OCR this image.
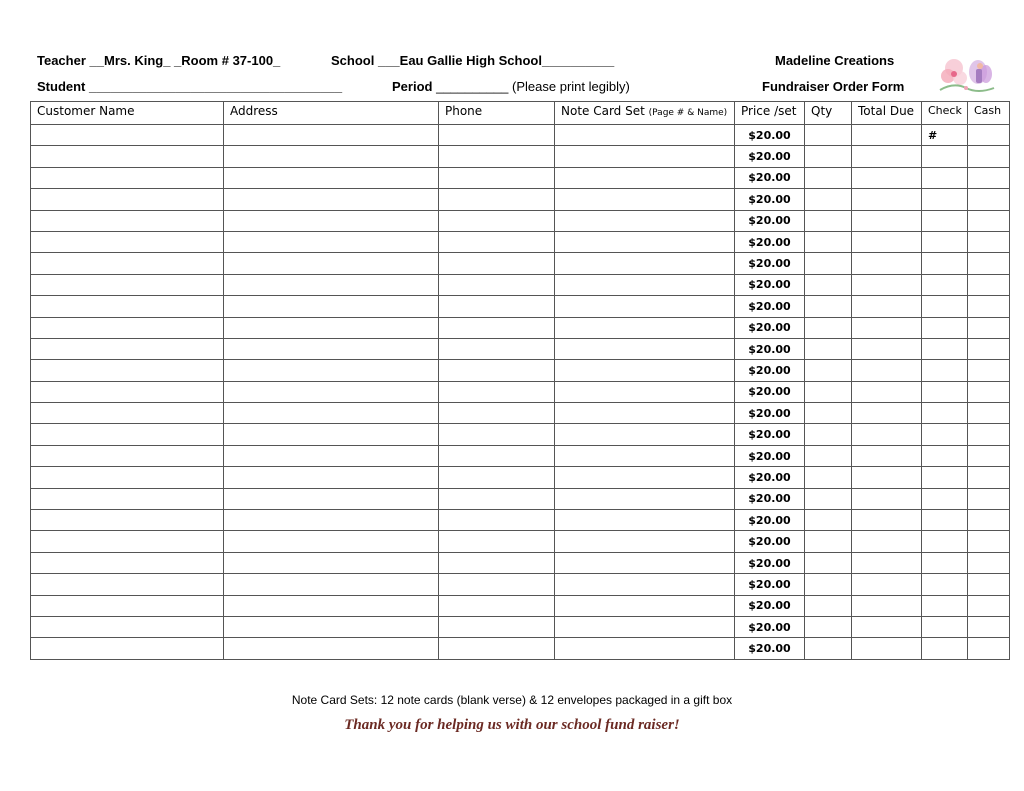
Teacher __Mrs. King_ _Room # 37-100_	School ___Eau Gallie High School__________	Madeline Creations
Student ___________________________________	Period __________ (Please print legibly)	Fundraiser Order Form
Customer Name	Address	Phone	Note Card Set (Page # & Name)	Price /set	Qty	Total Due	Check	Cash
				$20.00			#	
				$20.00				
				$20.00				
				$20.00				
				$20.00				
				$20.00				
				$20.00				
				$20.00				
				$20.00				
				$20.00				
				$20.00				
				$20.00				
				$20.00				
				$20.00				
				$20.00				
				$20.00				
				$20.00				
				$20.00				
				$20.00				
				$20.00				
				$20.00				
				$20.00				
				$20.00				
				$20.00				
				$20.00				
Note Card Sets: 12 note cards (blank verse) & 12 envelopes packaged in a gift box
Thank you for helping us with our school fund raiser!
